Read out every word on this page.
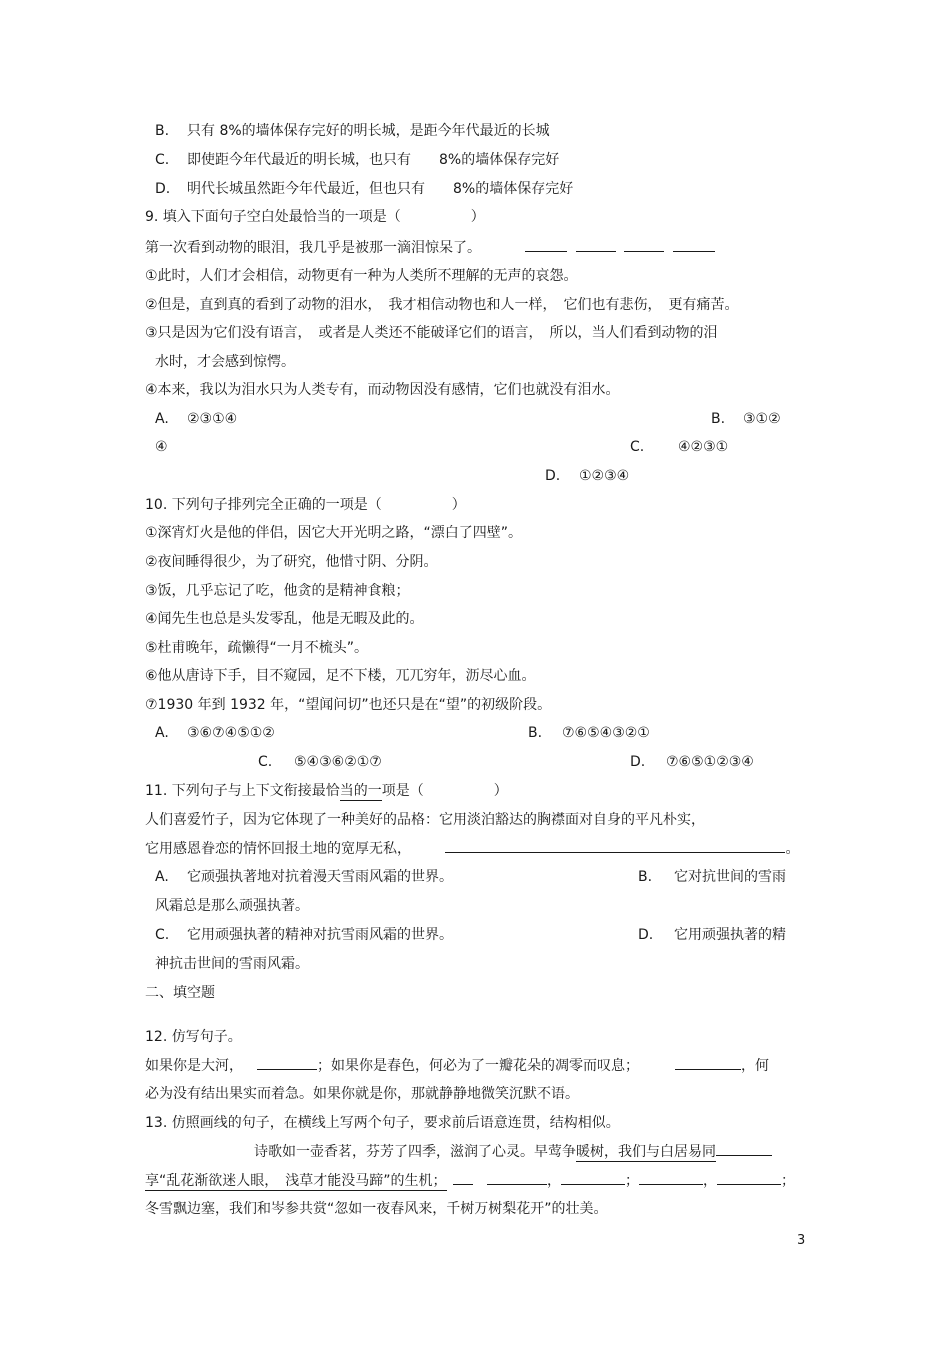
B. 只有 8%的墙体保存完好的明长城，是距今年代最近的长城
C. 即使距今年代最近的明长城，也只有　　8%的墙体保存完好
D. 明代长城虽然距今年代最近，但也只有　　8%的墙体保存完好
9. 填入下面句子空白处最恰当的一项是（　　　　　）
第一次看到动物的眼泪，我几乎是被那一滴泪惊呆了。
①此时，人们才会相信，动物更有一种为人类所不理解的无声的哀怨。
②但是，直到真的看到了动物的泪水，　我才相信动物也和人一样，　它们也有悲伤，　更有痛苦。
③只是因为它们没有语言，　或者是人类还不能破译它们的语言，　所以，当人们看到动物的泪
水时，才会感到惊愕。
④本来，我以为泪水只为人类专有，而动物因没有感情，它们也就没有泪水。
A. ②③①④	B. ③①②
④	C. ④②③①
D. ①②③④
10. 下列句子排列完全正确的一项是（　　　　　）
①深宵灯火是他的伴侣，因它大开光明之路，“漂白了四壁”。
②夜间睡得很少，为了研究，他惜寸阴、分阴。
③饭，几乎忘记了吃，他贪的是精神食粮；
④闻先生也总是头发零乱，他是无暇及此的。
⑤杜甫晚年，疏懒得“一月不梳头”。
⑥他从唐诗下手，目不窥园，足不下楼，兀兀穷年，沥尽心血。
⑦1930 年到 1932 年，“望闻问切”也还只是在“望”的初级阶段。
A. ③⑥⑦④⑤①②	B. ⑦⑥⑤④③②①
C. ⑤④③⑥②①⑦	D. ⑦⑥⑤①②③④
11. 下列句子与上下文衔接最恰当的一项是（　　　　　）
人们喜爱竹子，因为它体现了一种美好的品格：它用淡泊豁达的胸襟面对自身的平凡朴实，
它用感恩眷恋的情怀回报土地的宽厚无私，	。
A. 它顽强执著地对抗着漫天雪雨风霜的世界。	B. 它对抗世间的雪雨
风霜总是那么顽强执著。
C. 它用顽强执著的精神对抗雪雨风霜的世界。	D. 它用顽强执著的精
神抗击世间的雪雨风霜。
二、填空题
12. 仿写句子。
如果你是大河，	；如果你是春色，何必为了一瓣花朵的凋零而叹息；	，何
必为没有结出果实而着急。如果你就是你，那就静静地微笑沉默不语。
13. 仿照画线的句子，在横线上写两个句子，要求前后语意连贯，结构相似。
诗歌如一壶香茗，芬芳了四季，滋润了心灵。早莺争暖树，我们与白居易同
享“乱花渐欲迷人眼，　浅草才能没马蹄”的生机；	，	；	，	；
冬雪飘边塞，我们和岑参共赏“忽如一夜春风来，千树万树梨花开”的壮美。
3
